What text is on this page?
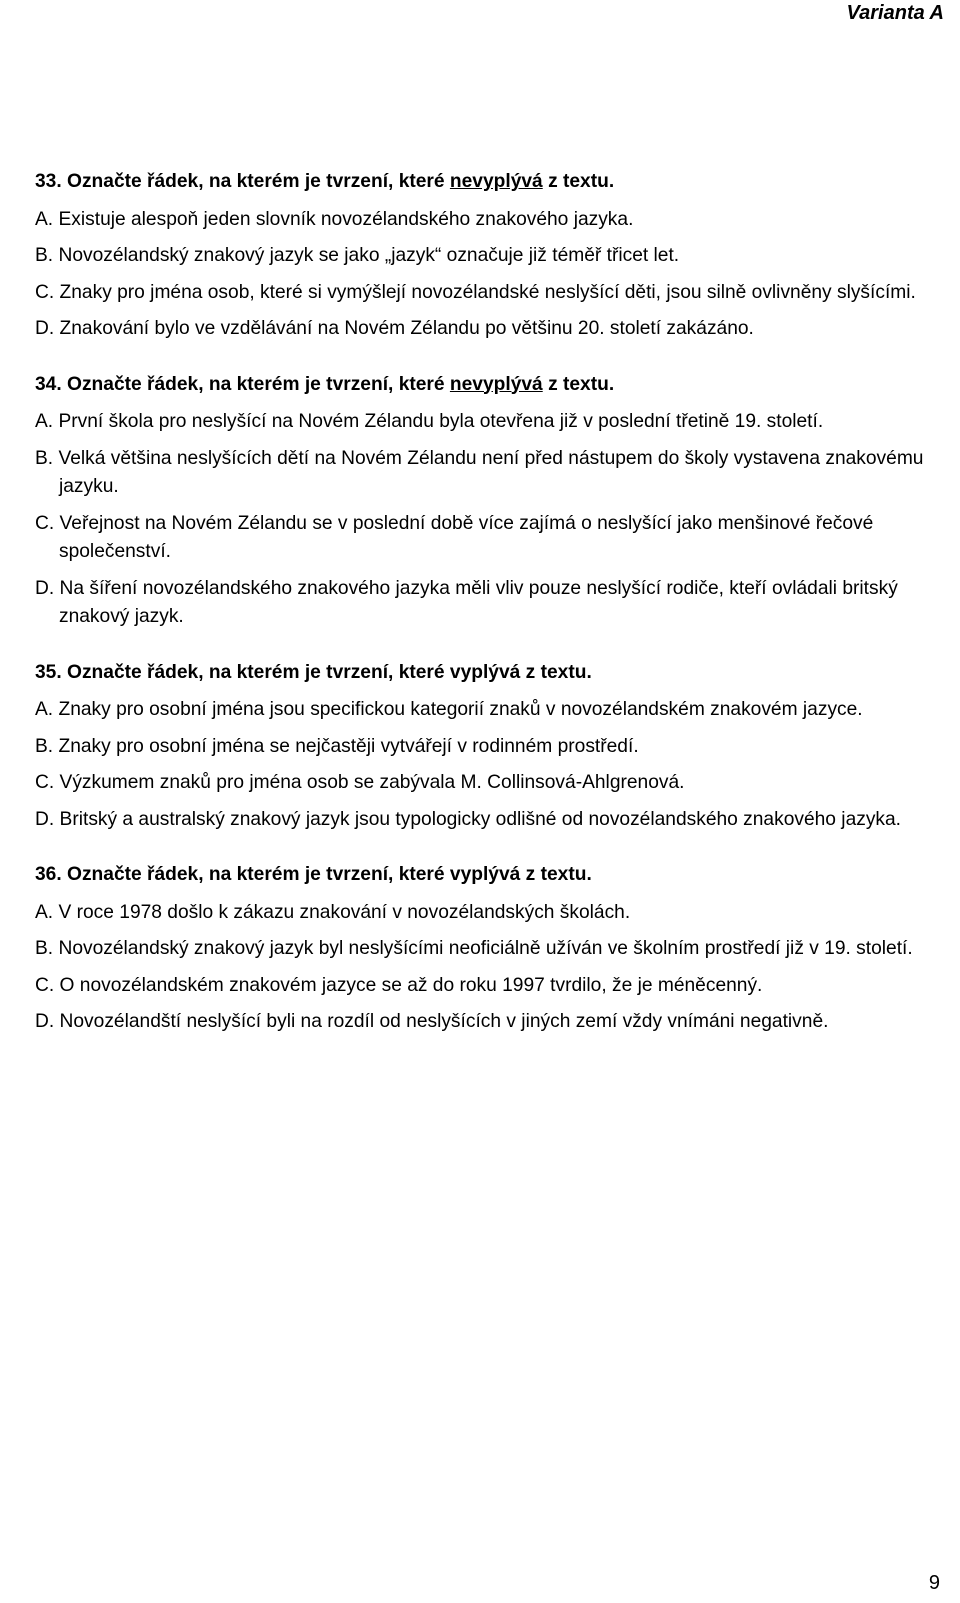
Varianta A
33. Označte řádek, na kterém je tvrzení, které nevyplývá z textu.
A. Existuje alespoň jeden slovník novozélandského znakového jazyka.
B. Novozélandský znakový jazyk se jako „jazyk“ označuje již téměř třicet let.
C. Znaky pro jména osob, které si vymýšlejí novozélandské neslyšící děti, jsou silně ovlivněny slyšícími.
D. Znakování bylo ve vzdělávání na Novém Zélandu po většinu 20. století zakázáno.
34. Označte řádek, na kterém je tvrzení, které nevyplývá z textu.
A. První škola pro neslyšící na Novém Zélandu byla otevřena již v poslední třetině 19. století.
B. Velká většina neslyšících dětí na Novém Zélandu není před nástupem do školy vystavena znakovému jazyku.
C. Veřejnost na Novém Zélandu se v poslední době více zajímá o neslyšící jako menšinové řečové společenství.
D. Na šíření novozélandského znakového jazyka měli vliv pouze neslyšící rodiče, kteří ovládali britský znakový jazyk.
35. Označte řádek, na kterém je tvrzení, které vyplývá z textu.
A. Znaky pro osobní jména jsou specifickou kategorií znaků v novozélandském znakovém jazyce.
B. Znaky pro osobní jména se nejčastěji vytvářejí v rodinném prostředí.
C. Výzkumem znaků pro jména osob se zabývala M. Collinsová-Ahlgrenová.
D. Britský a australský znakový jazyk jsou typologicky odlišné od novozélandského znakového jazyka.
36. Označte řádek, na kterém je tvrzení, které vyplývá z textu.
A. V roce 1978 došlo k zákazu znakování v novozélandských školách.
B. Novozélandský znakový jazyk byl neslyšícími neoficiálně užíván ve školním prostředí již v 19. století.
C. O novozélandském znakovém jazyce se až do roku 1997 tvrdilo, že je méněcenný.
D. Novozélandští neslyšící byli na rozdíl od neslyšících v jiných zemí vždy vnímáni negativně.
9
